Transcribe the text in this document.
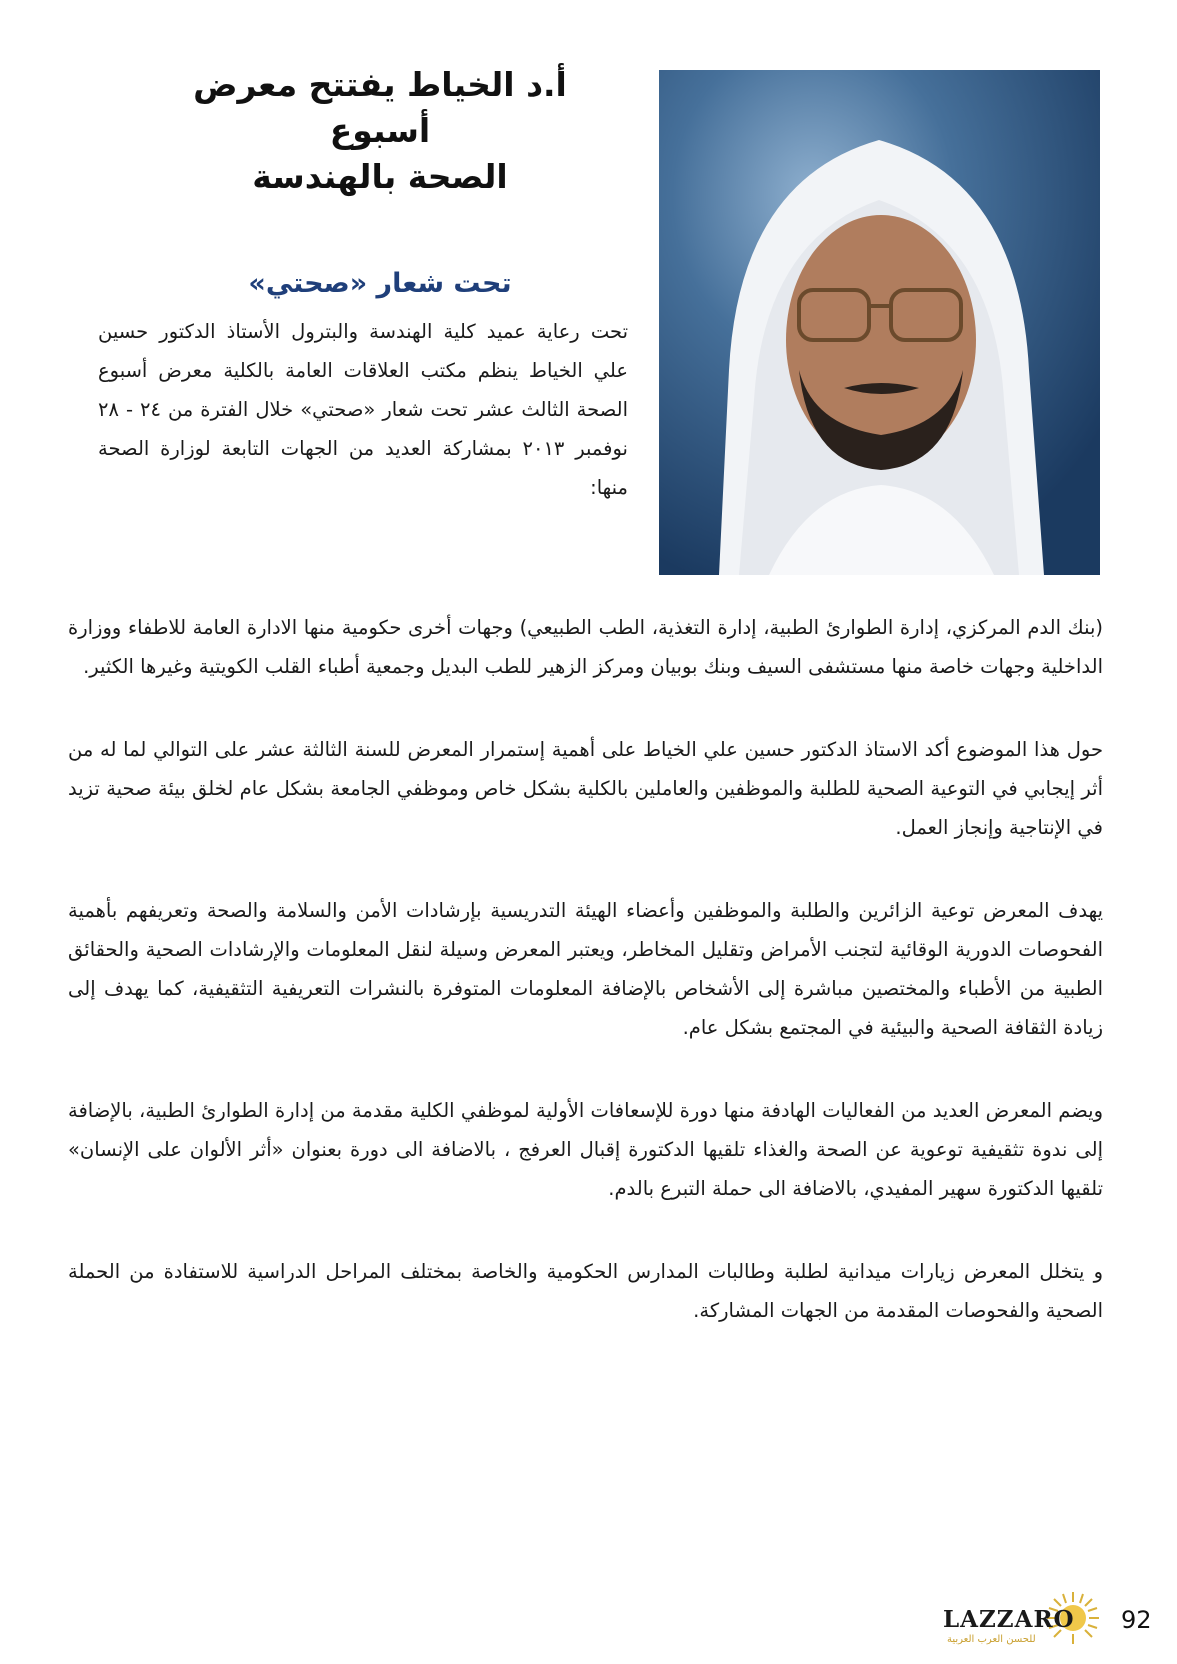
أ.د الخياط يفتتح معرض أسبوع
الصحة بالهندسة
تحت شعار «صحتي»

تحت رعاية عميد كلية الهندسة والبترول الأستاذ الدكتور حسين علي الخياط ينظم مكتب العلاقات العامة بالكلية معرض أسبوع الصحة الثالث عشر تحت شعار «صحتي» خلال الفترة من ٢٤ - ٢٨ نوفمبر ٢٠١٣ بمشاركة العديد من الجهات التابعة لوزارة الصحة منها:

(بنك الدم المركزي، إدارة الطوارئ الطبية، إدارة التغذية، الطب الطبيعي) وجهات أخرى حكومية منها الادارة العامة للاطفاء ووزارة الداخلية وجهات خاصة منها مستشفى السيف وبنك بوبيان ومركز الزهير للطب البديل وجمعية أطباء القلب الكويتية وغيرها الكثير.

حول هذا الموضوع أكد الاستاذ الدكتور حسين علي الخياط على أهمية إستمرار المعرض للسنة الثالثة عشر على التوالي لما له من أثر إيجابي في التوعية الصحية للطلبة والموظفين والعاملين بالكلية بشكل خاص وموظفي الجامعة بشكل عام لخلق بيئة صحية تزيد في الإنتاجية وإنجاز العمل.

يهدف المعرض توعية الزائرين والطلبة والموظفين وأعضاء الهيئة التدريسية بإرشادات الأمن والسلامة والصحة وتعريفهم بأهمية الفحوصات الدورية الوقائية لتجنب الأمراض وتقليل المخاطر، ويعتبر المعرض وسيلة لنقل المعلومات والإرشادات الصحية والحقائق الطبية من الأطباء والمختصين مباشرة إلى الأشخاص بالإضافة المعلومات المتوفرة بالنشرات التعريفية التثقيفية، كما يهدف إلى زيادة الثقافة الصحية والبيئية في المجتمع بشكل عام.

ويضم المعرض العديد من الفعاليات الهادفة منها دورة للإسعافات الأولية لموظفي الكلية مقدمة من إدارة الطوارئ الطبية، بالإضافة إلى ندوة تثقيفية توعوية عن الصحة والغذاء تلقيها الدكتورة إقبال العرفج ، بالاضافة الى دورة بعنوان «أثر الألوان على الإنسان» تلقيها الدكتورة سهير المفيدي، بالاضافة الى حملة التبرع بالدم.

و يتخلل المعرض زيارات ميدانية لطلبة وطالبات المدارس الحكومية والخاصة بمختلف المراحل الدراسية للاستفادة من الحملة الصحية والفحوصات المقدمة من الجهات المشاركة.

LAZZARO
للحسن العرب العربية
92
